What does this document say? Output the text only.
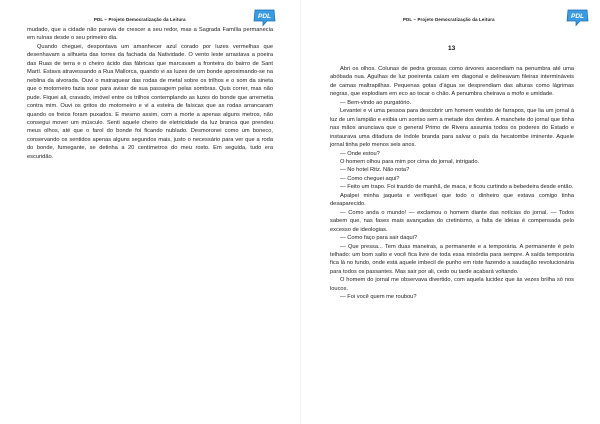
PDL – Projeto Democratização da Leitura	PDL

mudado, que a cidade não parava de crescer a seu redor, mas a Sagrada Família permanecia em ruínas desde o seu primeiro dia.

Quando cheguei, despontava um amanhecer azul corado por luzes vermelhas que desenhavam a silhueta das torres da fachada da Natividade. O vento leste arrastava a poeira das Ruas de terra e o cheiro ácido das fábricas que marcavam a fronteira do bairro de Sant Martí. Estava atravessando a Rua Mallorca, quando vi as luzes de um bonde aproximando-se na neblina da alvorada. Ouvi o matraquear das rodas de metal sobre os trilhos e o som da sineta que o motorneiro fazia soar para avisar de sua passagem pelas sombras. Quis correr, mas não pude. Fiquei ali, cravado, imóvel entre os trilhos contemplando as luzes do bonde que arremetia contra mim. Ouvi os gritos do motorneiro e vi a esteira de faíscas que as rodas arrancaram quando os freios foram puxados. E mesmo assim, com a morte a apenas alguns metros, não consegui mover um músculo. Senti aquele cheiro de eletricidade da luz branca que prendeu meus olhos, até que o farol do bonde foi ficando nublado. Desmoronei como um boneco, conservando os sentidos apenas alguns segundos mais, justo o necessário para ver que a roda do bonde, fumegante, se detinha a 20 centímetros do meu rosto. Em seguida, tudo era escuridão.

PDL – Projeto Democratização da Leitura	PDL
13

Abri os olhos. Colunas de pedra grossas como árvores ascendiam na penumbra até uma abóbada nua. Agulhas de luz poeirenta caíam em diagonal e delineavam fileiras intermináveis de camas maltrapilhas. Pequenas gotas d'água se desprendiam das alturas como lágrimas negras, que explodiam em eco ao tocar o chão. A penumbra cheirava a mofo e umidade.

— Bem-vindo ao purgatório.

Levantei e vi uma pessoa para descobrir um homem vestido de farrapos, que lia um jornal à luz de um lampião e exibia um sorriso sem a metade dos dentes. A manchete do jornal que tinha nas mãos anunciava que o general Primo de Rivera assumia todos os poderes do Estado e instaurava uma ditadura de índole branda para salvar o país da hecatombe iminente. Aquele jornal tinha pelo menos seis anos.

— Onde estou?

O homem olhou para mim por cima do jornal, intrigado.

— No hotel Ritz. Não nota?

— Como cheguei aqui?

— Feito um trapo. Foi trazido de manhã, de maca, e ficou curtindo a bebedeira desde então.

Apalpei minha jaqueta e verifiquei que todo o dinheiro que estava comigo tinha desaparecido.

— Como anda o mundo! — exclamou o homem diante das notícias do jornal. — Todos sabem que, nas fases mais avançadas do cretinismo, a falta de ideias é compensada pelo excesso de ideologias.

— Como faço para sair daqui?

— Que pressa... Tem duas maneiras, a permanente e a temporária. A permanente é pelo telhado: um bom salto e você fica livre de toda essa mixórdia para sempre. A saída temporária fica lá no fundo, onde está aquele imbecil de punho em riste fazendo a saudação revolucionária para todos os passantes. Mas sair por ali, cedo ou tarde acabará voltando.

O homem do jornal me observava divertido, com aquela lucidez que às vezes brilha só nos loucos.

— Foi você quem me roubou?
